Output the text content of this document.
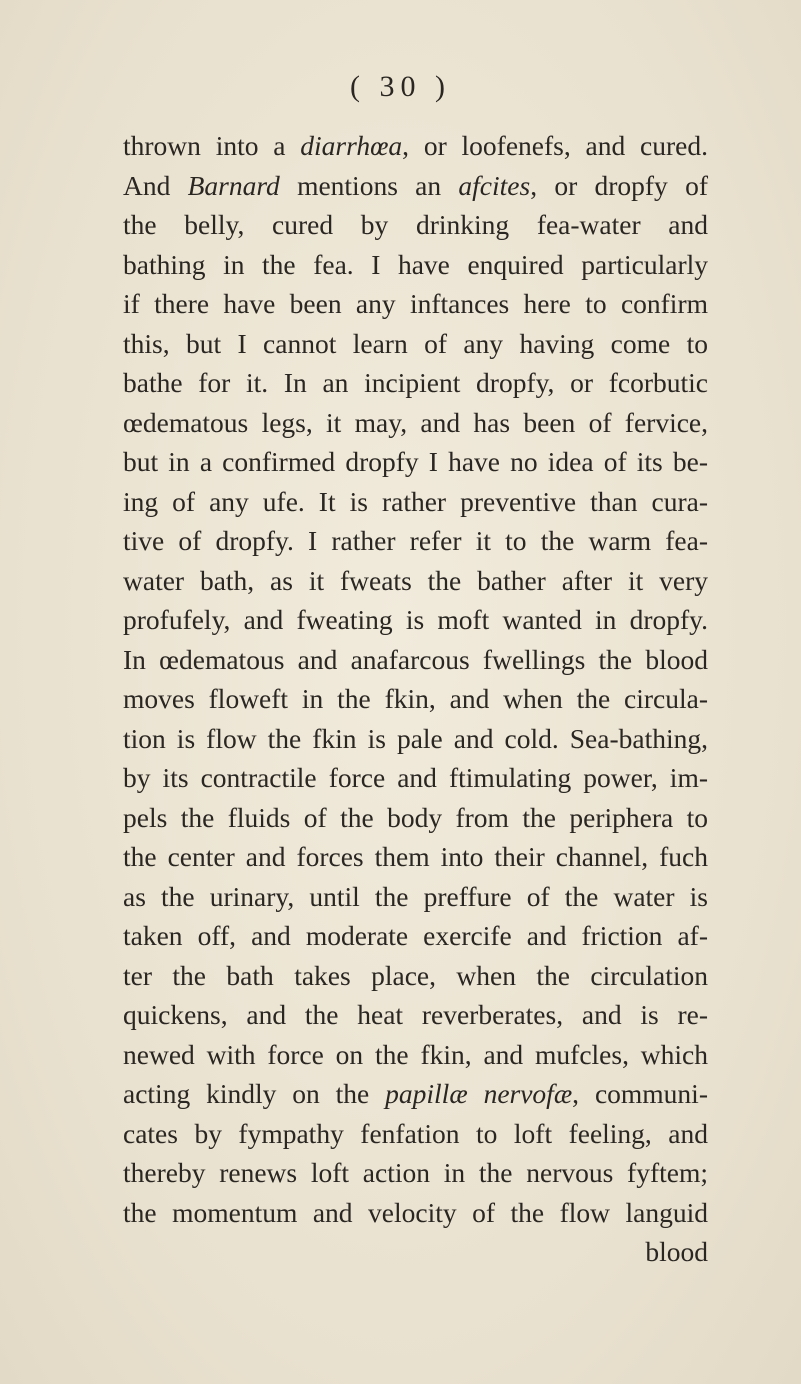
( 30 )
thrown into a diarrhœa, or loofenefs, and cured.
And Barnard mentions an afcites, or dropfy of
the belly, cured by drinking fea-water and
bathing in the fea. I have enquired particularly
if there have been any inftances here to confirm
this, but I cannot learn of any having come to
bathe for it. In an incipient dropfy, or fcorbutic
œdematous legs, it may, and has been of fervice,
but in a confirmed dropfy I have no idea of its be-
ing of any ufe. It is rather preventive than cura-
tive of dropfy. I rather refer it to the warm fea-
water bath, as it fweats the bather after it very
profufely, and fweating is moft wanted in dropfy.
In œdematous and anafarcous fwellings the blood
moves floweft in the fkin, and when the circula-
tion is flow the fkin is pale and cold. Sea-bathing,
by its contractile force and ftimulating power, im-
pels the fluids of the body from the periphera to
the center and forces them into their channel, fuch
as the urinary, until the preffure of the water is
taken off, and moderate exercife and friction af-
ter the bath takes place, when the circulation
quickens, and the heat reverberates, and is re-
newed with force on the fkin, and mufcles, which
acting kindly on the papillæ nervofæ, communi-
cates by fympathy fenfation to loft feeling, and
thereby renews loft action in the nervous fyftem;
the momentum and velocity of the flow languid
blood
